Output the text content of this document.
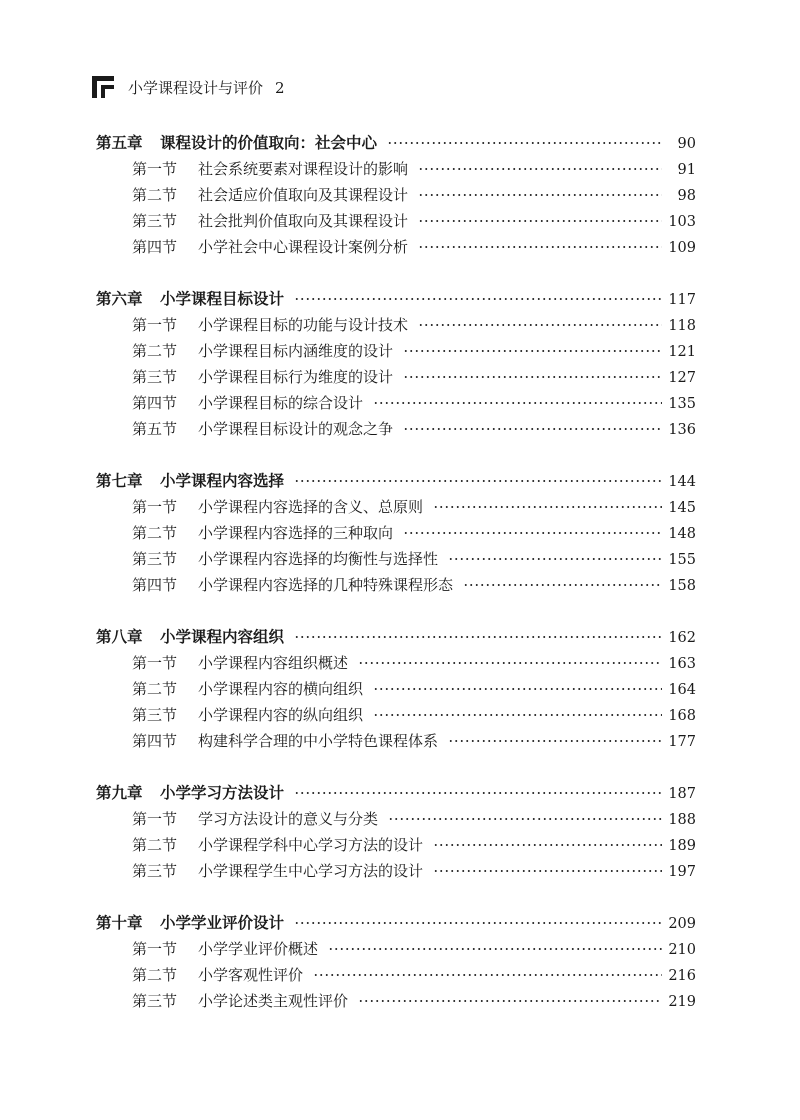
小学课程设计与评价 2
第五章 课程设计的价值取向：社会中心	90
第一节 社会系统要素对课程设计的影响	91
第二节 社会适应价值取向及其课程设计	98
第三节 社会批判价值取向及其课程设计	103
第四节 小学社会中心课程设计案例分析	109
第六章 小学课程目标设计	117
第一节 小学课程目标的功能与设计技术	118
第二节 小学课程目标内涵维度的设计	121
第三节 小学课程目标行为维度的设计	127
第四节 小学课程目标的综合设计	135
第五节 小学课程目标设计的观念之争	136
第七章 小学课程内容选择	144
第一节 小学课程内容选择的含义、总原则	145
第二节 小学课程内容选择的三种取向	148
第三节 小学课程内容选择的均衡性与选择性	155
第四节 小学课程内容选择的几种特殊课程形态	158
第八章 小学课程内容组织	162
第一节 小学课程内容组织概述	163
第二节 小学课程内容的横向组织	164
第三节 小学课程内容的纵向组织	168
第四节 构建科学合理的中小学特色课程体系	177
第九章 小学学习方法设计	187
第一节 学习方法设计的意义与分类	188
第二节 小学课程学科中心学习方法的设计	189
第三节 小学课程学生中心学习方法的设计	197
第十章 小学学业评价设计	209
第一节 小学学业评价概述	210
第二节 小学客观性评价	216
第三节 小学论述类主观性评价	219
